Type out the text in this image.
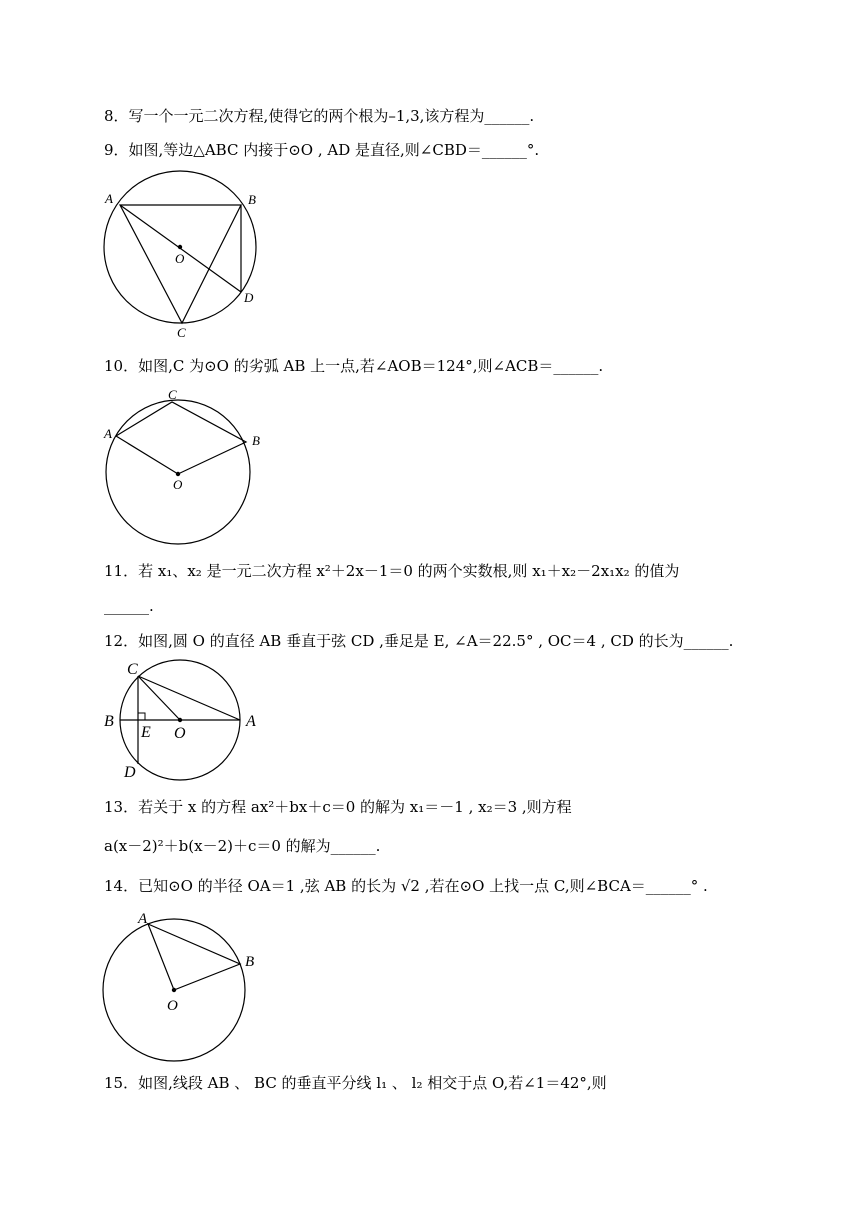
8．写一个一元二次方程,使得它的两个根为–1,3,该方程为______.
9．如图,等边△ABC 内接于⊙O , AD 是直径,则∠CBD＝______°.
A	B
C
D
O
10．如图,C 为⊙O 的劣弧 AB 上一点,若∠AOB＝124°,则∠ACB＝______.
A	B
C
O
11．若 x₁、x₂ 是一元二次方程 x²＋2x－1＝0 的两个实数根,则 x₁＋x₂－2x₁x₂ 的值为
______.
12．如图,圆 O 的直径 AB 垂直于弦 CD ,垂足是 E, ∠A＝22.5° , OC＝4 , CD 的长为______.
A
B
C
D
E O
13．若关于 x 的方程 ax²＋bx＋c＝0 的解为 x₁＝－1 , x₂＝3 ,则方程
a(x－2)²＋b(x－2)＋c＝0 的解为______.
14．已知⊙O 的半径 OA＝1 ,弦 AB 的长为 √2 ,若在⊙O 上找一点 C,则∠BCA＝______° .
A
B
O
15．如图,线段 AB 、 BC 的垂直平分线 l₁ 、 l₂ 相交于点 O,若∠1＝42°,则
